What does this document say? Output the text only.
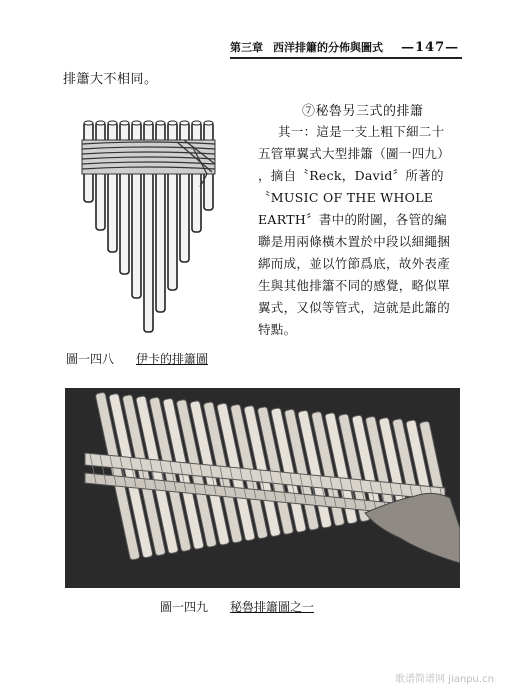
第三章 西洋排簫的分佈與圖式 —147—
排簫大不相同。
⑦秘魯另三式的排簫
其一：這是一支上粗下細二十
五管單翼式大型排簫（圖一四九）
，摘自〝Reck，David〞所著的
〝MUSIC OF THE WHOLE
EARTH〞書中的附圖，各管的編
聯是用兩條橫木置於中段以細繩捆
綁而成，並以竹節爲底，故外表產
生與其他排簫不同的感覺，略似單
翼式，又似等管式，這就是此簫的
特點。
圖一四八 伊卡的排簫圖
圖一四九 秘魯排簫圖之一
歌谱简谱网 jianpu.cn
